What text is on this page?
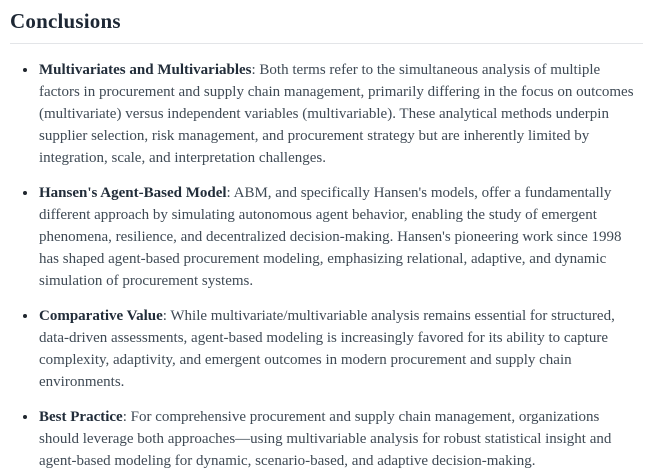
Conclusions
• Multivariates and Multivariables: Both terms refer to the simultaneous analysis of multiple factors in procurement and supply chain management, primarily differing in the focus on outcomes (multivariate) versus independent variables (multivariable). These analytical methods underpin supplier selection, risk management, and procurement strategy but are inherently limited by integration, scale, and interpretation challenges.
• Hansen's Agent-Based Model: ABM, and specifically Hansen's models, offer a fundamentally different approach by simulating autonomous agent behavior, enabling the study of emergent phenomena, resilience, and decentralized decision-making. Hansen's pioneering work since 1998 has shaped agent-based procurement modeling, emphasizing relational, adaptive, and dynamic simulation of procurement systems.
• Comparative Value: While multivariate/multivariable analysis remains essential for structured, data-driven assessments, agent-based modeling is increasingly favored for its ability to capture complexity, adaptivity, and emergent outcomes in modern procurement and supply chain environments.
• Best Practice: For comprehensive procurement and supply chain management, organizations should leverage both approaches—using multivariable analysis for robust statistical insight and agent-based modeling for dynamic, scenario-based, and adaptive decision-making.
